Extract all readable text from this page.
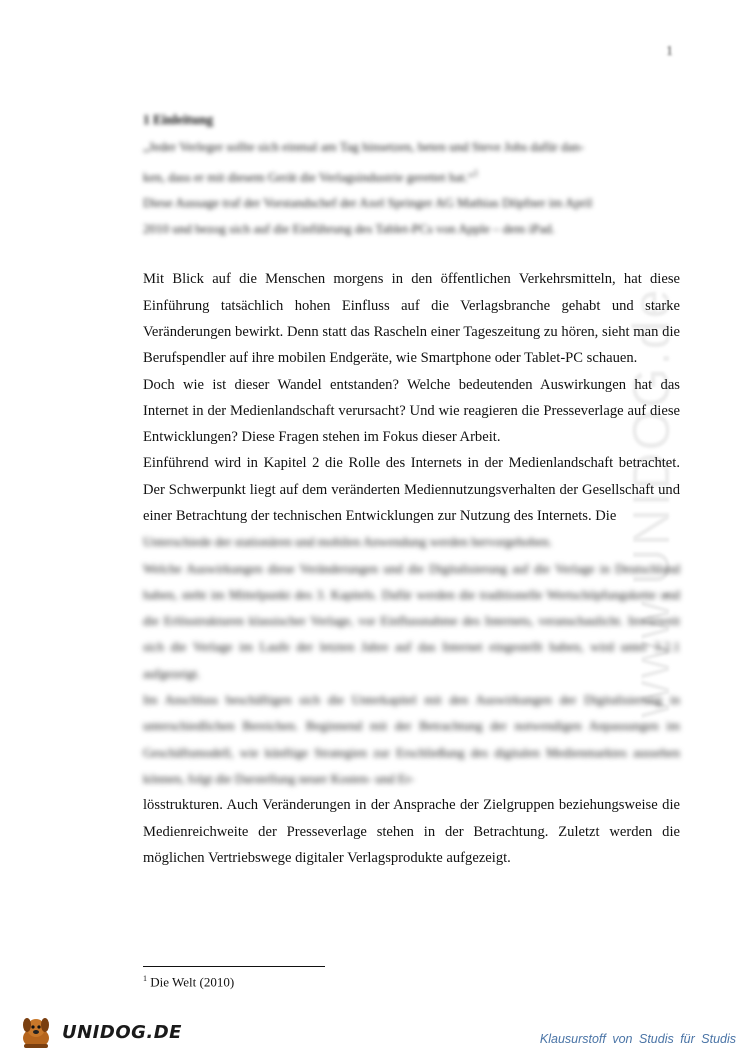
1
www.UNIDOG.de
1 Einleitung

„Jeder Verleger sollte sich einmal am Tag hinsetzen, beten und Steve Jobs dafür dan-
ken, dass er mit diesem Gerät die Verlagsindustrie gerettet hat.“$^1$
Diese Aussage traf der Vorstandschef der Axel Springer AG Mathias Döpfner im April
2010 und bezog sich auf die Einführung des Tablet-PCs von Apple – dem iPad.

Mit Blick auf die Menschen morgens in den öffentlichen Verkehrsmitteln, hat diese Einführung tatsächlich hohen Einfluss auf die Verlagsbranche gehabt und starke Veränderungen bewirkt. Denn statt das Rascheln einer Tageszeitung zu hören, sieht man die Berufspendler auf ihre mobilen Endgeräte, wie Smartphone oder Tablet-PC schauen.

Doch wie ist dieser Wandel entstanden? Welche bedeutenden Auswirkungen hat das Internet in der Medienlandschaft verursacht? Und wie reagieren die Presseverlage auf diese Entwicklungen? Diese Fragen stehen im Fokus dieser Arbeit.

Einführend wird in Kapitel 2 die Rolle des Internets in der Medienlandschaft betrachtet. Der Schwerpunkt liegt auf dem veränderten Mediennutzungsverhalten der Gesellschaft und einer Betrachtung der technischen Entwicklungen zur Nutzung des Internets. Die

Unterschiede der stationären und mobilen Anwendung werden hervorgehoben.

Welche Auswirkungen diese Veränderungen und die Digitalisierung auf die Verlage in Deutschland haben, steht im Mittelpunkt des 3. Kapitels. Dafür werden die traditionelle Wertschöpfungskette und die Erlösstrukturen klassischer Verlage, vor Einflussnahme des Internets, veranschaulicht. Inwieweit sich die Verlage im Laufe der letzten Jahre auf das Internet eingestellt haben, wird unter 3.2.1 aufgezeigt.

Im Anschluss beschäftigen sich die Unterkapitel mit den Auswirkungen der Digitalisierung in unterschiedlichen Bereichen. Beginnend mit der Betrachtung der notwendigen Anpassungen im Geschäftsmodell, wie künftige Strategien zur Erschließung des digitalen Medienmarktes aussehen können, folgt die Darstellung neuer Kosten- und Er-

lösstrukturen. Auch Veränderungen in der Ansprache der Zielgruppen beziehungsweise die Medienreichweite der Presseverlage stehen in der Betrachtung. Zuletzt werden die möglichen Vertriebswege digitaler Verlagsprodukte aufgezeigt.

$^1$ Die Welt (2010)
UNIDOG.DE	Klausurstoff von Studis für Studis
